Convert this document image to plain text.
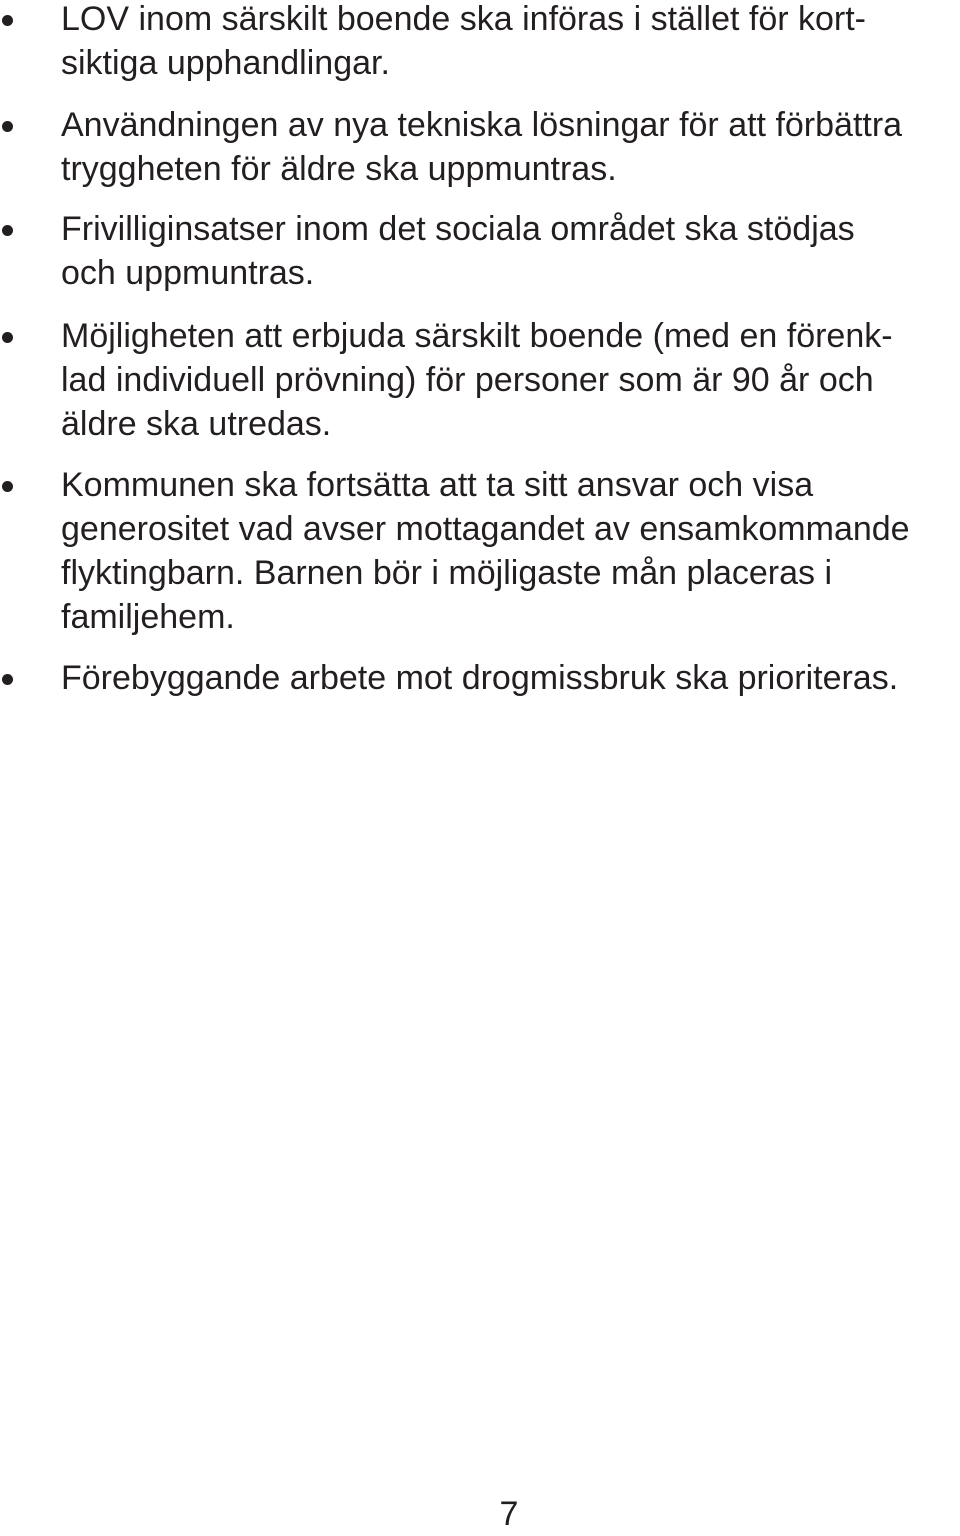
LOV inom särskilt boende ska införas i stället för kort-
siktiga upphandlingar.
Användningen av nya tekniska lösningar för att förbättra
tryggheten för äldre ska uppmuntras.
Frivilliginsatser inom det sociala området ska stödjas
och uppmuntras.
Möjligheten att erbjuda särskilt boende (med en förenk-
lad individuell prövning) för personer som är 90 år och
äldre ska utredas.
Kommunen ska fortsätta att ta sitt ansvar och visa
generositet vad avser mottagandet av ensamkommande
flyktingbarn. Barnen bör i möjligaste mån placeras i
familjehem.
Förebyggande arbete mot drogmissbruk ska prioriteras.
7
